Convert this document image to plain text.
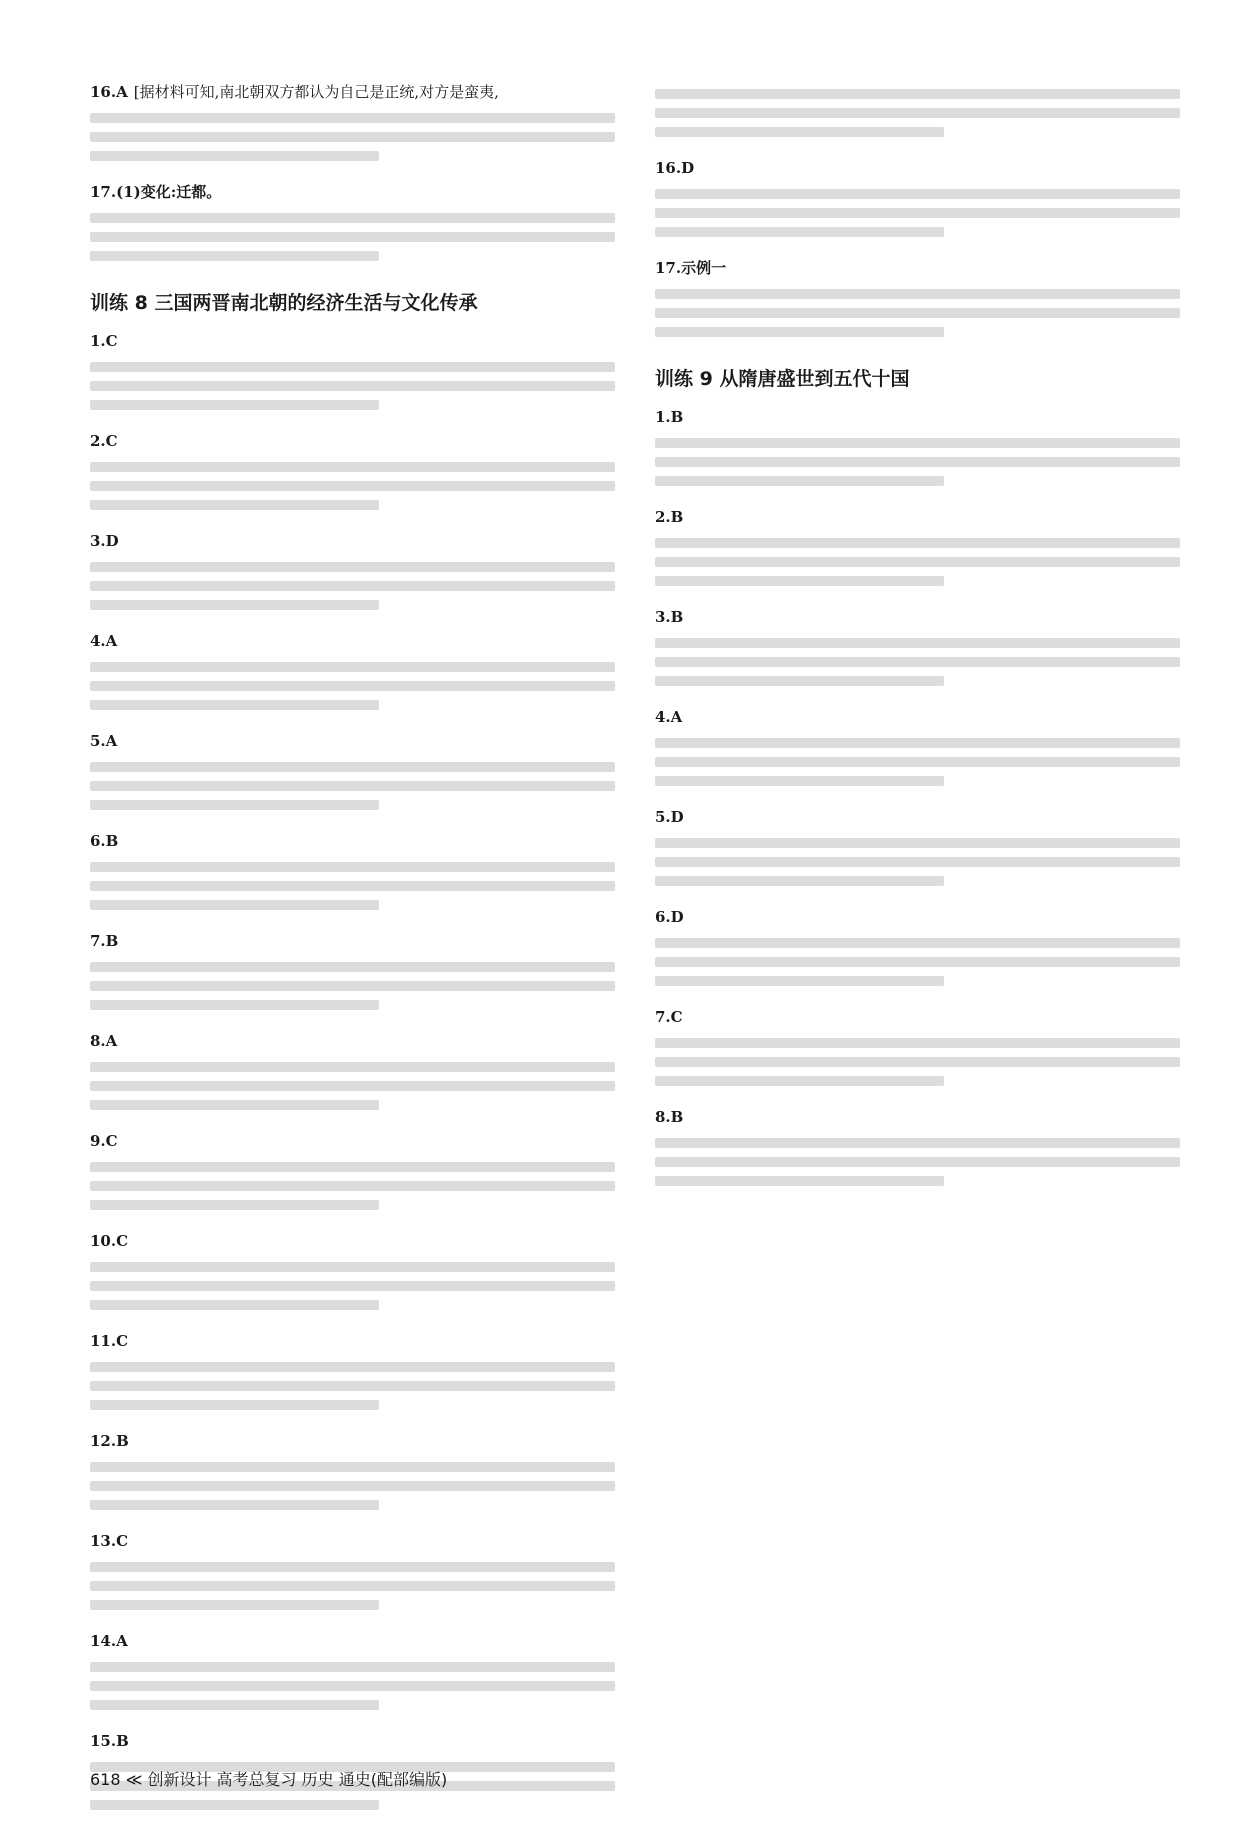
16.A [据材料可知,南北朝双方都认为自己是正统,对方是蛮夷,
17.(1)变化:迁都。
训练 8 三国两晋南北朝的经济生活与文化传承
1.C
2.C
3.D
4.A
5.A
6.B
7.B
8.A
9.C
10.C
11.C
12.B
13.C
14.A
15.B
16.D
17.示例一
训练 9 从隋唐盛世到五代十国
1.B
2.B
3.B
4.A
5.D
6.D
7.C
8.B
618 ≪ 创新设计 高考总复习 历史 通史(配部编版)
